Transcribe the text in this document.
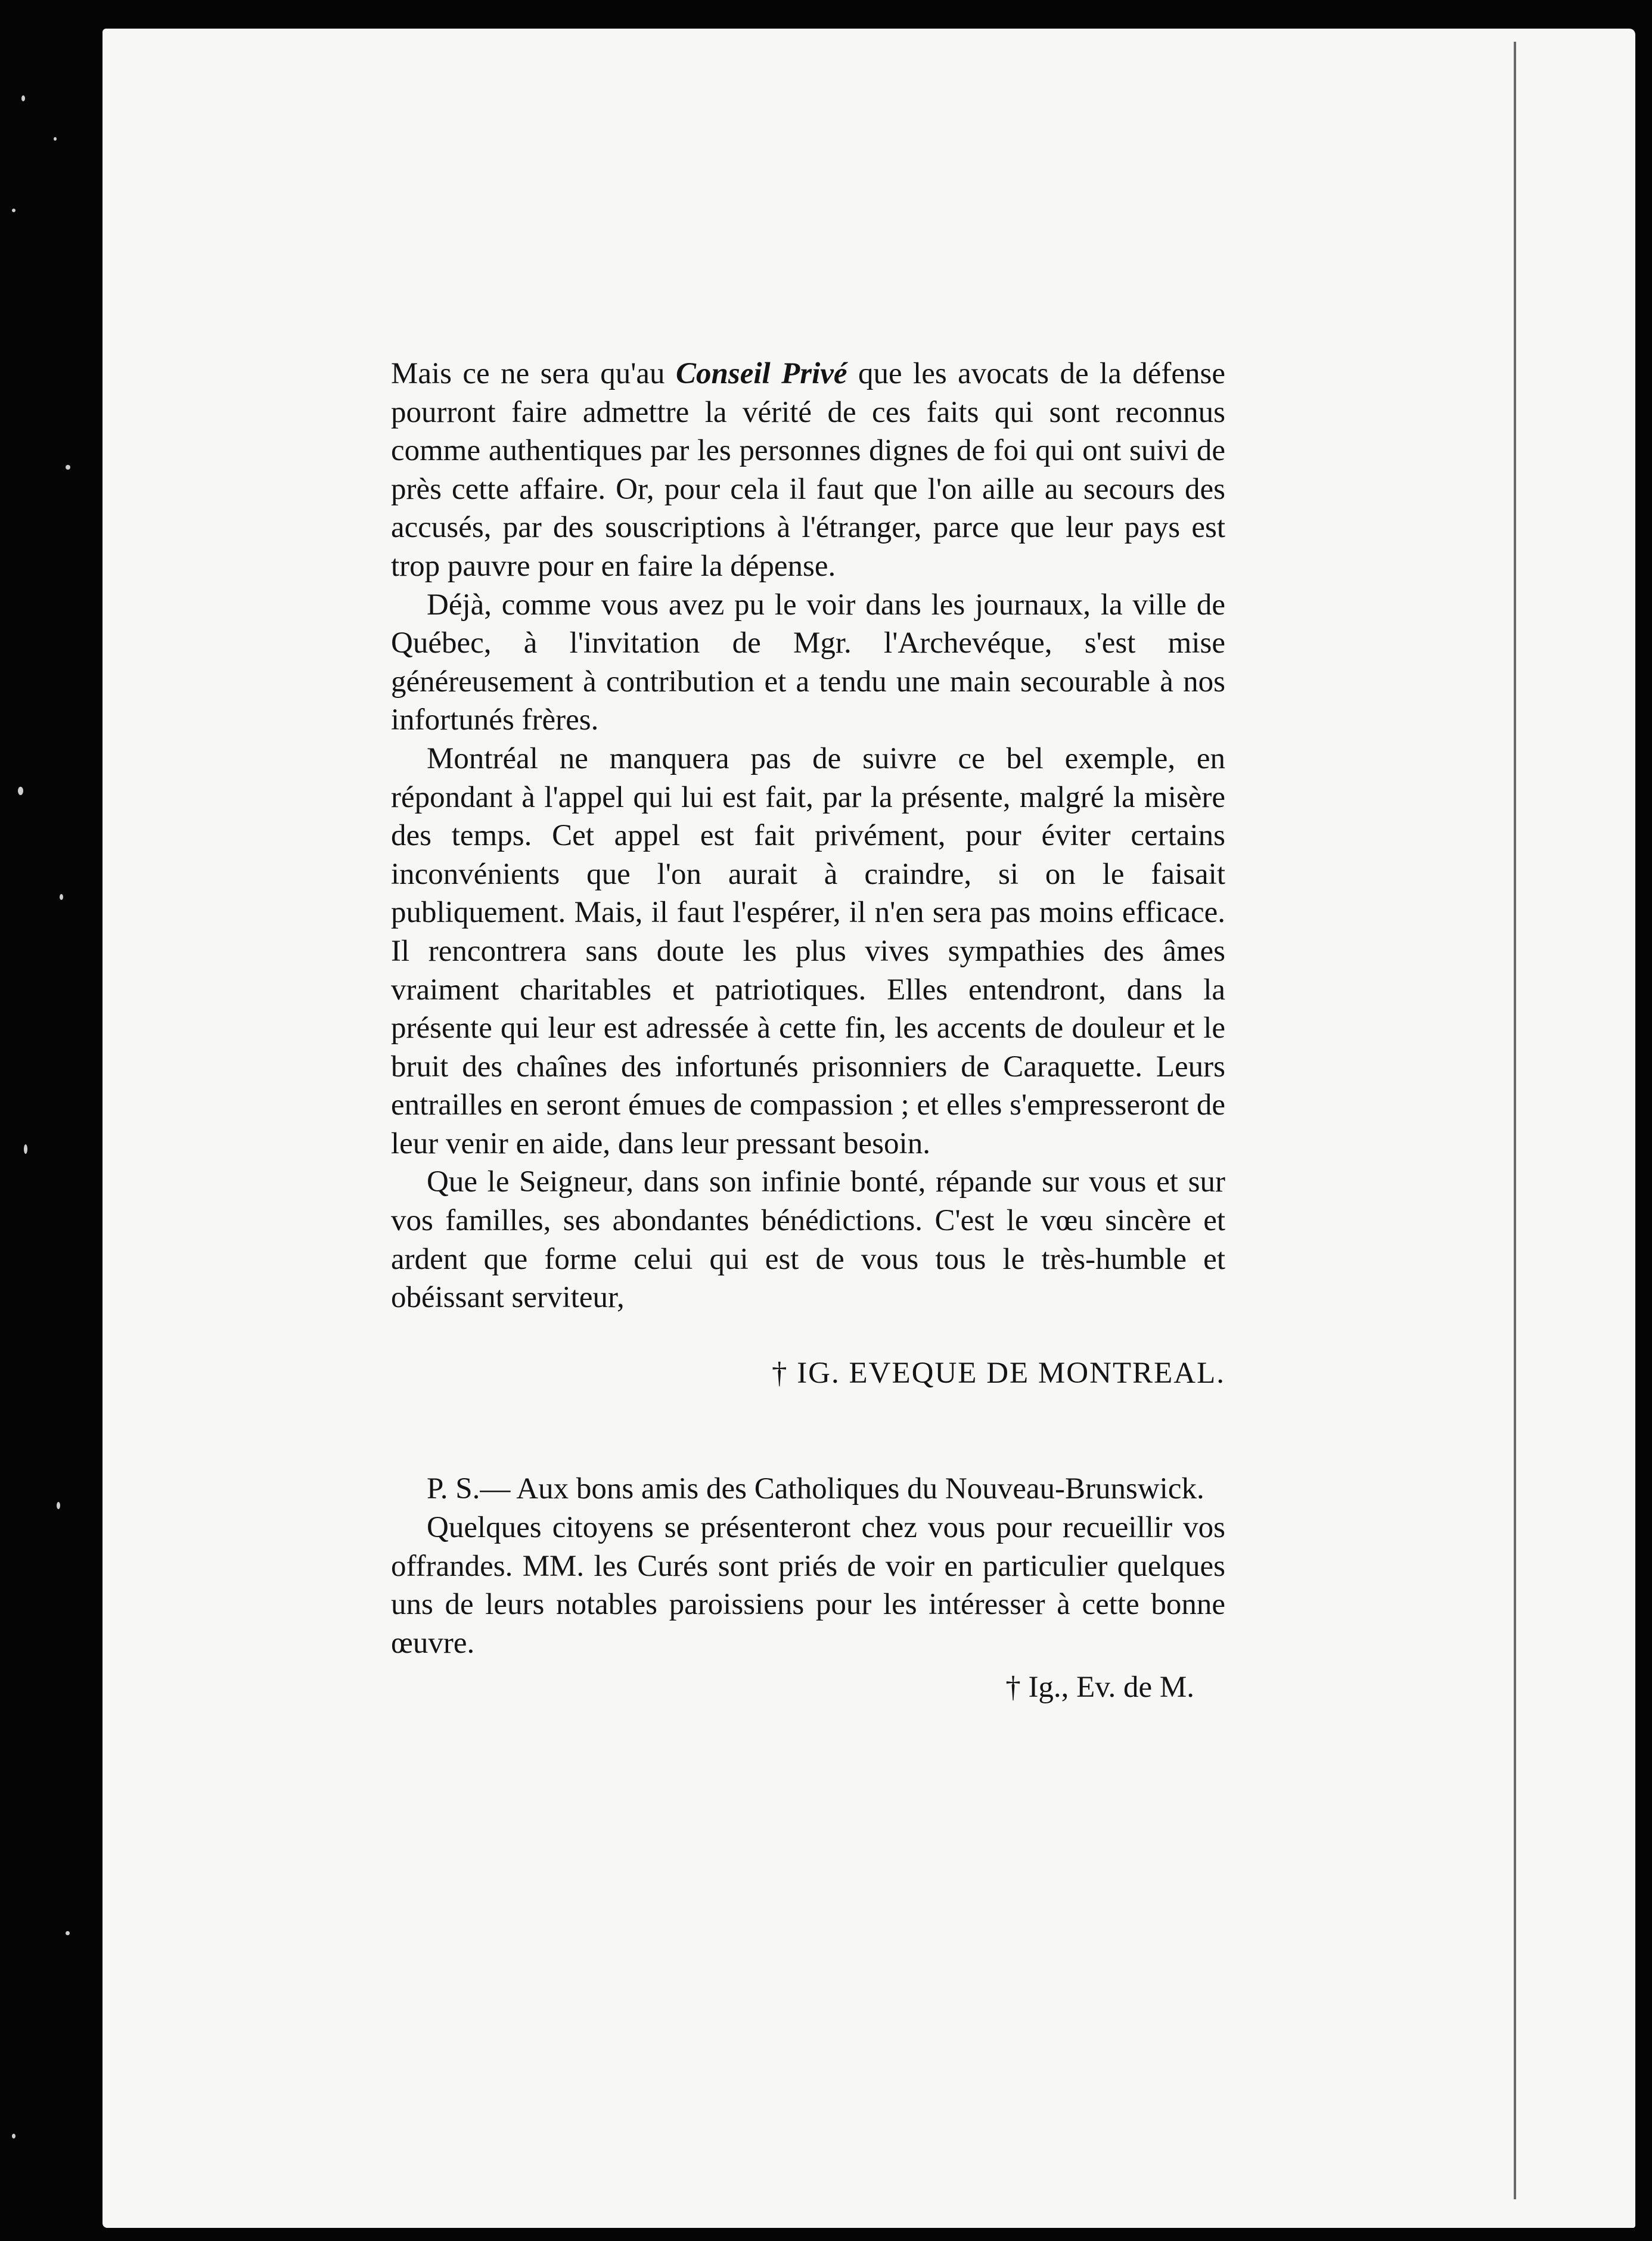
Mais ce ne sera qu'au Conseil Privé que les avocats de la défense pourront faire admettre la vérité de ces faits qui sont reconnus comme authentiques par les personnes dignes de foi qui ont suivi de près cette affaire. Or, pour cela il faut que l'on aille au secours des accusés, par des souscriptions à l'étranger, parce que leur pays est trop pauvre pour en faire la dépense.

Déjà, comme vous avez pu le voir dans les journaux, la ville de Québec, à l'invitation de Mgr. l'Archevéque, s'est mise généreusement à contribution et a tendu une main secourable à nos infortunés frères.

Montréal ne manquera pas de suivre ce bel exemple, en répondant à l'appel qui lui est fait, par la présente, malgré la misère des temps. Cet appel est fait privément, pour éviter certains inconvénients que l'on aurait à craindre, si on le faisait publiquement. Mais, il faut l'espérer, il n'en sera pas moins efficace. Il rencontrera sans doute les plus vives sympathies des âmes vraiment charitables et patriotiques. Elles entendront, dans la présente qui leur est adressée à cette fin, les accents de douleur et le bruit des chaînes des infortunés prisonniers de Caraquette. Leurs entrailles en seront émues de compassion ; et elles s'empresseront de leur venir en aide, dans leur pressant besoin.

Que le Seigneur, dans son infinie bonté, répande sur vous et sur vos familles, ses abondantes bénédictions. C'est le vœu sincère et ardent que forme celui qui est de vous tous le très-humble et obéissant serviteur,

† IG. EVEQUE DE MONTREAL.

P. S.— Aux bons amis des Catholiques du Nouveau-Brunswick.

Quelques citoyens se présenteront chez vous pour recueillir vos offrandes. MM. les Curés sont priés de voir en particulier quelques uns de leurs notables paroissiens pour les intéresser à cette bonne œuvre.

† Ig., Ev. de M.
